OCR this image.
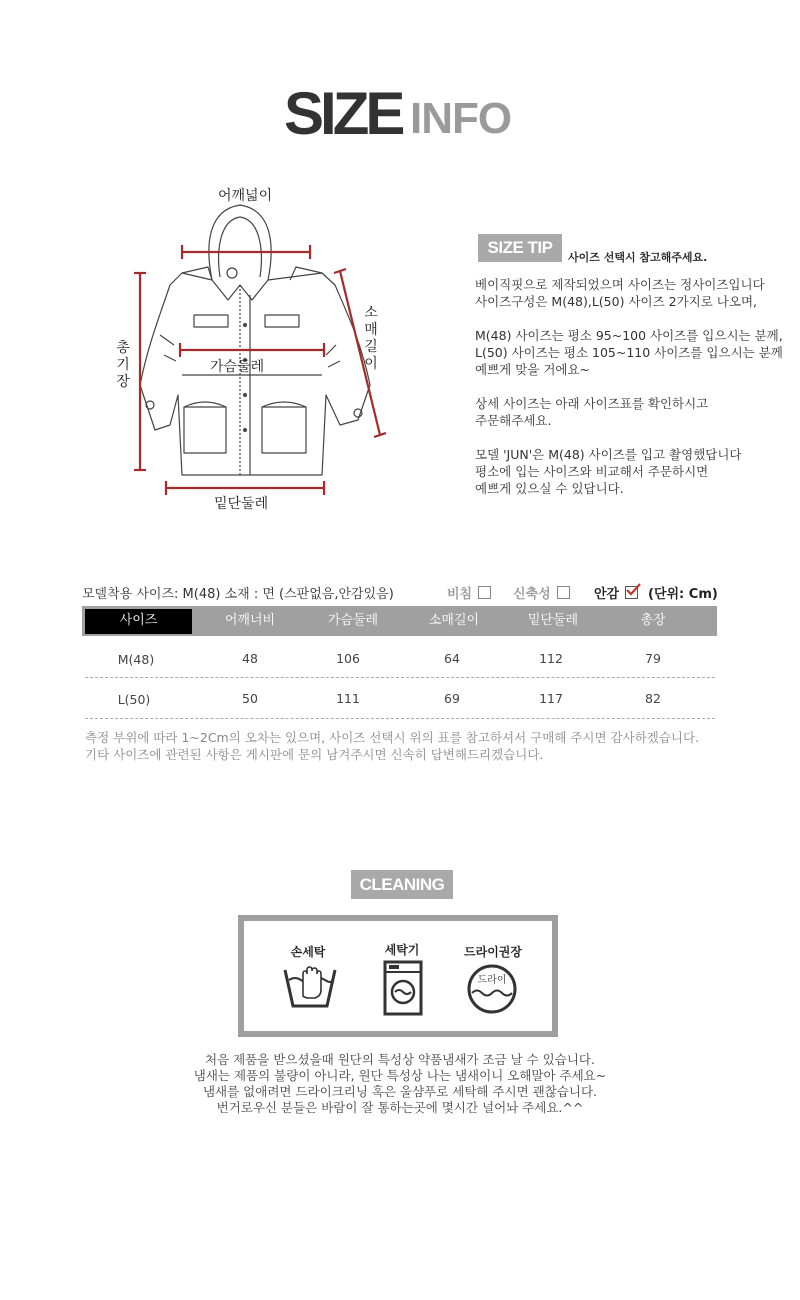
SIZE INFO
어깨넓이
가슴둘레
밑단둘레
총기장
소매길이
SIZE TIP
사이즈 선택시 참고해주세요.
베이직핏으로 제작되었으며 사이즈는 정사이즈입니다
사이즈구성은 M(48),L(50) 사이즈 2가지로 나오며,
M(48) 사이즈는 평소 95~100 사이즈를 입으시는 분께,
L(50) 사이즈는 평소 105~110 사이즈를 입으시는 분께
예쁘게 맞을 거에요~
상세 사이즈는 아래 사이즈표를 확인하시고
주문해주세요.
모델 'JUN'은 M(48) 사이즈를 입고 촬영했답니다
평소에 입는 사이즈와 비교해서 주문하시면
예쁘게 있으실 수 있답니다.
모델착용 사이즈: M(48) 소재 : 면 (스판없음,안감있음)	비침	신축성	안감	(단위: Cm)
사이즈	어깨너비	가슴둘레	소매길이	밑단둘레	총장
M(48)	48	106	64	112	79
L(50)	50	111	69	117	82
측정 부위에 따라 1~2Cm의 오차는 있으며, 사이즈 선택시 위의 표를 참고하셔서 구매해 주시면 감사하겠습니다.
기타 사이즈에 관련된 사항은 게시판에 문의 남겨주시면 신속히 답변해드리겠습니다.
CLEANING
손세탁	세탁기	드라이권장
드라이
처음 제품을 받으셨을때 원단의 특성상 약품냄새가 조금 날 수 있습니다.
냄새는 제품의 불량이 아니라, 원단 특성상 나는 냄새이니 오해말아 주세요~
냄새를 없애려면 드라이크리닝 혹은 울샴푸로 세탁해 주시면 괜찮습니다.
번거로우신 분들은 바람이 잘 통하는곳에 몇시간 널어놔 주세요.^^
